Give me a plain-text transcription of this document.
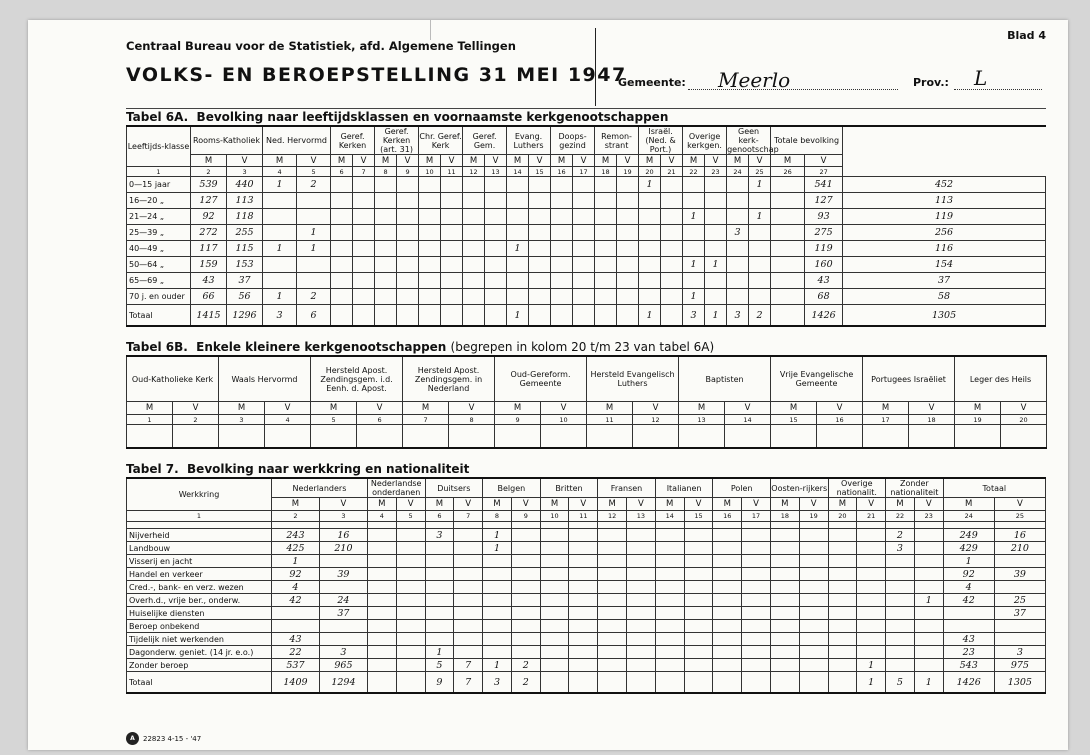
Centraal Bureau voor de Statistiek, afd. Algemene Tellingen
VOLKS- EN BEROEPSTELLING 31 MEI 1947
Blad 4
Gemeente: Meerlo	Prov.: L
Tabel 6A. Bevolking naar leeftijdsklassen en voornaamste kerkgenootschappen
Leeftijds-klasse	Rooms-Katholiek		Ned. Hervormd		Geref. Kerken		Geref. Kerken (art. 31)		Chr. Geref. Kerk		Geref. Gem.		Evang. Luthers		Doops-gezind		Remon-strant		Israël. (Ned. & Port.)		Overige kerkgen.		Geen kerk-genootschap		Totale bevolking		
	M	V	M	V	M	V	M	V	M	V	M	V	M	V	M	V	M	V	M	V	M	V	M	V	M	V	
1	2	3	4	5	6	7	8	9	10	11	12	13	14	15	16	17	18	19	20	21	22	23	24	25	26	27	
0—15 jaar	539	440	1	2															1					1		541	452
16—20 „	127	113																								127	113
21—24 „	92	118																			1			1		93	119
25—39 „	272	255		1																			3			275	256
40—49 „	117	115	1	1									1													119	116
50—64 „	159	153																			1	1				160	154
65—69 „	43	37																								43	37
70 j. en ouder	66	56	1	2																	1					68	58
Totaal	1415	1296	3	6									1						1		3	1	3	2		1426	1305
Tabel 6B. Enkele kleinere kerkgenootschappen (begrepen in kolom 20 t/m 23 van tabel 6A)
Oud-Katholieke Kerk		Waals Hervormd		Hersteld Apost. Zendingsgem. i.d. Eenh. d. Apost.		Hersteld Apost. Zendingsgem. in Nederland		Oud-Gereform. Gemeente		Hersteld Evangelisch Luthers		Baptisten		Vrije Evangelische Gemeente		Portugees Israëliet		Leger des Heils	
M	V	M	V	M	V	M	V	M	V	M	V	M	V	M	V	M	V	M	V
1	2	3	4	5	6	7	8	9	10	11	12	13	14	15	16	17	18	19	20

Tabel 7. Bevolking naar werkkring en nationaliteit
Werkkring	Nederlanders		Nederlandse onderdanen		Duitsers		Belgen		Britten		Fransen		Italianen		Polen		Oosten-rijkers		Overige nationalit.		Zonder nationaliteit		Totaal	
	M	V	M	V	M	V	M	V	M	V	M	V	M	V	M	V	M	V	M	V	M	V	M	V
1	2	3	4	5	6	7	8	9	10	11	12	13	14	15	16	17	18	19	20	21	22	23	24	25

Nijverheid	243	16			3		1														2		249	16
Landbouw	425	210					1														3		429	210
Visserij en jacht	1																						1	
Handel en verkeer	92	39																					92	39
Cred.-, bank- en verz. wezen	4																						4	
Overh.d., vrije ber., onderw.	42	24																				1	42	25
Huiselijke diensten		37																						37
Beroep onbekend																								
Tijdelijk niet werkenden	43																						43	
Dagonderw. geniet. (14 jr. e.o.)	22	3			1																		23	3
Zonder beroep	537	965			5	7	1	2												1			543	975
Totaal	1409	1294			9	7	3	2												1	5	1	1426	1305
A	22823 4-15 - '47
